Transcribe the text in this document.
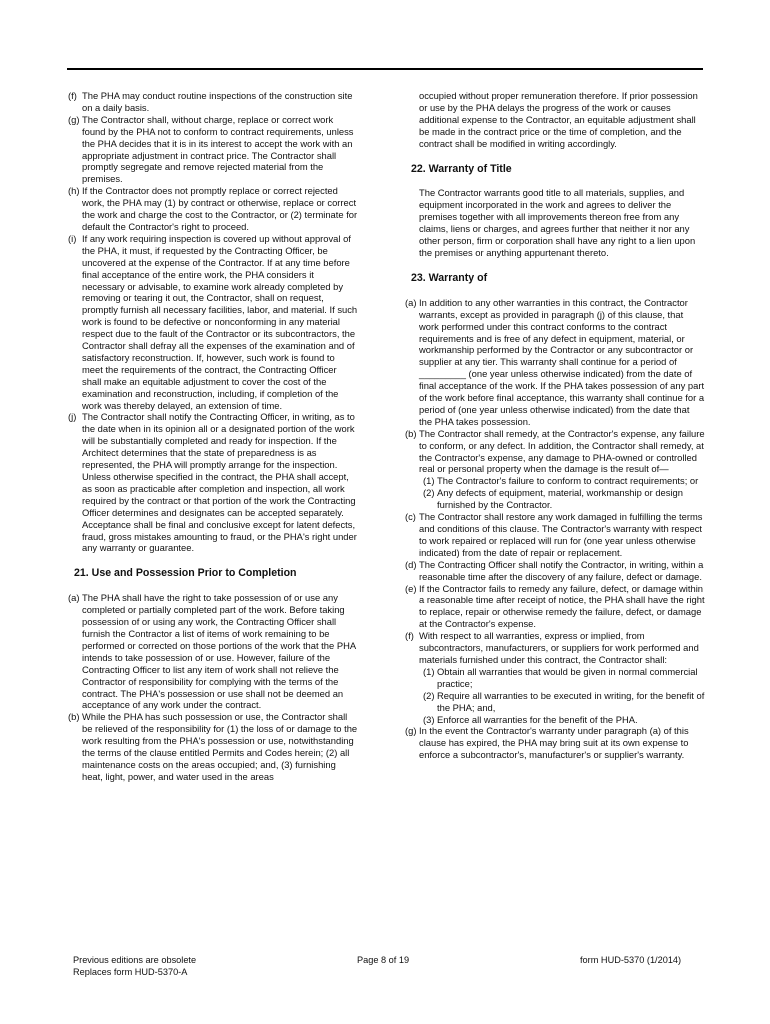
(f) The PHA may conduct routine inspections of the construction site on a daily basis.

(g) The Contractor shall, without charge, replace or correct work found by the PHA not to conform to contract requirements, unless the PHA decides that it is in its interest to accept the work with an appropriate adjustment in contract price. The Contractor shall promptly segregate and remove rejected material from the premises.

(h) If the Contractor does not promptly replace or correct rejected work, the PHA may (1) by contract or otherwise, replace or correct the work and charge the cost to the Contractor, or (2) terminate for default the Contractor's right to proceed.

(i) If any work requiring inspection is covered up without approval of the PHA, it must, if requested by the Contracting Officer, be uncovered at the expense of the Contractor. If at any time before final acceptance of the entire work, the PHA considers it necessary or advisable, to examine work already completed by removing or tearing it out, the Contractor, shall on request, promptly furnish all necessary facilities, labor, and material. If such work is found to be defective or nonconforming in any material respect due to the fault of the Contractor or its subcontractors, the Contractor shall defray all the expenses of the examination and of satisfactory reconstruction. If, however, such work is found to meet the requirements of the contract, the Contracting Officer shall make an equitable adjustment to cover the cost of the examination and reconstruction, including, if completion of the work was thereby delayed, an extension of time.

(j) The Contractor shall notify the Contracting Officer, in writing, as to the date when in its opinion all or a designated portion of the work will be substantially completed and ready for inspection. If the Architect determines that the state of preparedness is as represented, the PHA will promptly arrange for the inspection. Unless otherwise specified in the contract, the PHA shall accept, as soon as practicable after completion and inspection, all work required by the contract or that portion of the work the Contracting Officer determines and designates can be accepted separately. Acceptance shall be final and conclusive except for latent defects, fraud, gross mistakes amounting to fraud, or the PHA's right under any warranty or guarantee.

21. Use and Possession Prior to Completion

(a) The PHA shall have the right to take possession of or use any completed or partially completed part of the work. Before taking possession of or using any work, the Contracting Officer shall furnish the Contractor a list of items of work remaining to be performed or corrected on those portions of the work that the PHA intends to take possession of or use. However, failure of the Contracting Officer to list any item of work shall not relieve the Contractor of responsibility for complying with the terms of the contract. The PHA's possession or use shall not be deemed an acceptance of any work under the contract.

(b) While the PHA has such possession or use, the Contractor shall be relieved of the responsibility for (1) the loss of or damage to the work resulting from the PHA's possession or use, notwithstanding the terms of the clause entitled Permits and Codes herein; (2) all maintenance costs on the areas occupied; and, (3) furnishing heat, light, power, and water used in the areas

occupied without proper remuneration therefore. If prior possession or use by the PHA delays the progress of the work or causes additional expense to the Contractor, an equitable adjustment shall be made in the contract price or the time of completion, and the contract shall be modified in writing accordingly.

22. Warranty of Title

The Contractor warrants good title to all materials, supplies, and equipment incorporated in the work and agrees to deliver the premises together with all improvements thereon free from any claims, liens or charges, and agrees further that neither it nor any other person, firm or corporation shall have any right to a lien upon the premises or anything appurtenant thereto.

23. Warranty of

(a) In addition to any other warranties in this contract, the Contractor warrants, except as provided in paragraph (j) of this clause, that work performed under this contract conforms to the contract requirements and is free of any defect in equipment, material, or workmanship performed by the Contractor or any subcontractor or supplier at any tier. This warranty shall continue for a period of _________ (one year unless otherwise indicated) from the date of final acceptance of the work. If the PHA takes possession of any part of the work before final acceptance, this warranty shall continue for a period of (one year unless otherwise indicated) from the date that the PHA takes possession.

(b) The Contractor shall remedy, at the Contractor's expense, any failure to conform, or any defect. In addition, the Contractor shall remedy, at the Contractor's expense, any damage to PHA-owned or controlled real or personal property when the damage is the result of—

(1) The Contractor's failure to conform to contract requirements; or

(2) Any defects of equipment, material, workmanship or design furnished by the Contractor.

(c) The Contractor shall restore any work damaged in fulfilling the terms and conditions of this clause. The Contractor's warranty with respect to work repaired or replaced will run for (one year unless otherwise indicated) from the date of repair or replacement.

(d) The Contracting Officer shall notify the Contractor, in writing, within a reasonable time after the discovery of any failure, defect or damage.

(e) If the Contractor fails to remedy any failure, defect, or damage within a reasonable time after receipt of notice, the PHA shall have the right to replace, repair or otherwise remedy the failure, defect, or damage at the Contractor's expense.

(f) With respect to all warranties, express or implied, from subcontractors, manufacturers, or suppliers for work performed and materials furnished under this contract, the Contractor shall:

(1) Obtain all warranties that would be given in normal commercial practice;

(2) Require all warranties to be executed in writing, for the benefit of the PHA; and,

(3) Enforce all warranties for the benefit of the PHA.

(g) In the event the Contractor's warranty under paragraph (a) of this clause has expired, the PHA may bring suit at its own expense to enforce a subcontractor's, manufacturer's or supplier's warranty.

Previous editions are obsolete
Replaces form HUD-5370-A
Page 8 of 19	form HUD-5370 (1/2014)
